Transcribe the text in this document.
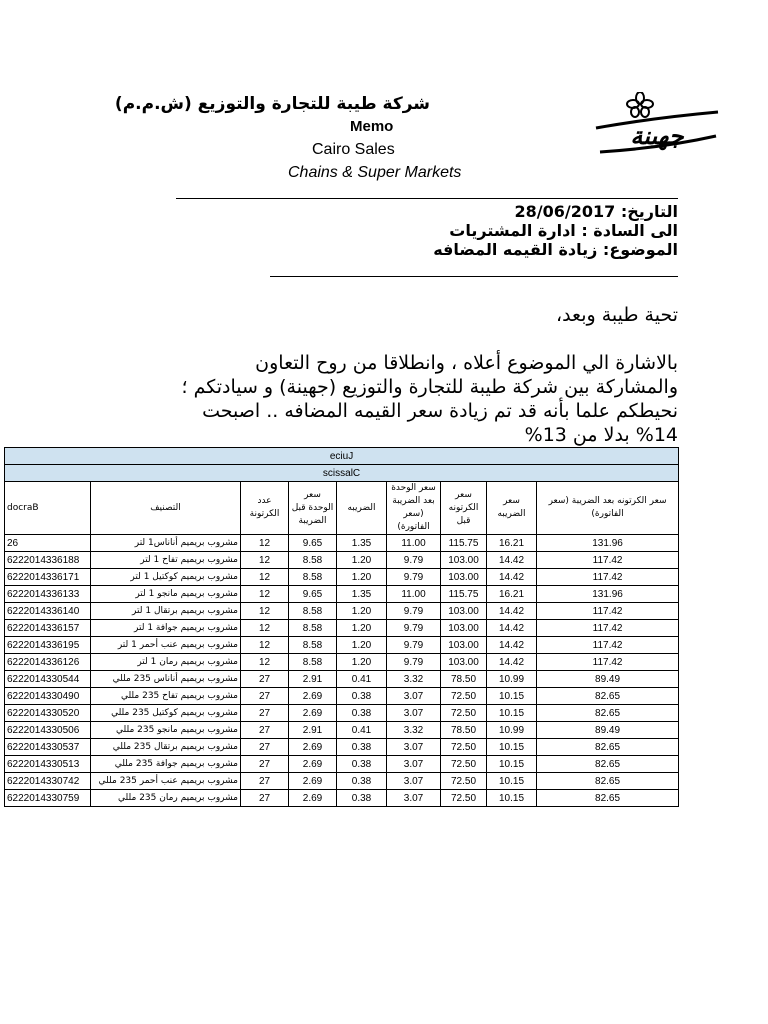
شركة طيبة للتجارة والتوزيع (ش.م.م)
Memo
Cairo Sales
Chains & Super Markets
جهينة
التاريخ: 28/06/2017
الى السادة : ادارة المشتريات
الموضوع: زيادة القيمه المضافه
تحية طيبة وبعد،
بالاشارة الي الموضوع أعلاه ، وانطلاقا من روح التعاون والمشاركة بين شركة طيبة للتجارة والتوزيع (جهينة) و سيادتكم ؛ نحيطكم علما بأنه قد تم زيادة سعر القيمه المضافه .. اصبحت 14% بدلا من 13%
eciuJ								
scissalC								
docraB	التصنيف	عدد الكرتونة	سعر الوحدة قبل الضريبة	الضريبه	سعر الوحدة بعد الضريبة (سعر الفاتورة)	سعر الكرتونه قبل	سعر الضريبه	سعر الكرتونه بعد الضريبة (سعر الفاتورة)
26	مشروب بريميم أناناس1 لتر	12	9.65	1.35	11.00	115.75	16.21	131.96
6222014336188	مشروب بريميم تفاح 1 لتر	12	8.58	1.20	9.79	103.00	14.42	117.42
6222014336171	مشروب بريميم كوكتيل 1 لتر	12	8.58	1.20	9.79	103.00	14.42	117.42
6222014336133	مشروب بريميم مانجو 1 لتر	12	9.65	1.35	11.00	115.75	16.21	131.96
6222014336140	مشروب بريميم برتقال 1 لتر	12	8.58	1.20	9.79	103.00	14.42	117.42
6222014336157	مشروب بريميم جوافة 1 لتر	12	8.58	1.20	9.79	103.00	14.42	117.42
6222014336195	مشروب بريميم عنب أحمر 1 لتر	12	8.58	1.20	9.79	103.00	14.42	117.42
6222014336126	مشروب بريميم رمان 1 لتر	12	8.58	1.20	9.79	103.00	14.42	117.42
6222014330544	مشروب بريميم أناناس 235 مللي	27	2.91	0.41	3.32	78.50	10.99	89.49
6222014330490	مشروب بريميم تفاح 235 مللي	27	2.69	0.38	3.07	72.50	10.15	82.65
6222014330520	مشروب بريميم كوكتيل 235 مللي	27	2.69	0.38	3.07	72.50	10.15	82.65
6222014330506	مشروب بريميم مانجو 235 مللي	27	2.91	0.41	3.32	78.50	10.99	89.49
6222014330537	مشروب بريميم برتقال 235 مللي	27	2.69	0.38	3.07	72.50	10.15	82.65
6222014330513	مشروب بريميم جوافة 235 مللي	27	2.69	0.38	3.07	72.50	10.15	82.65
6222014330742	مشروب بريميم عنب أحمر 235 مللي	27	2.69	0.38	3.07	72.50	10.15	82.65
6222014330759	مشروب بريميم رمان 235 مللي	27	2.69	0.38	3.07	72.50	10.15	82.65
